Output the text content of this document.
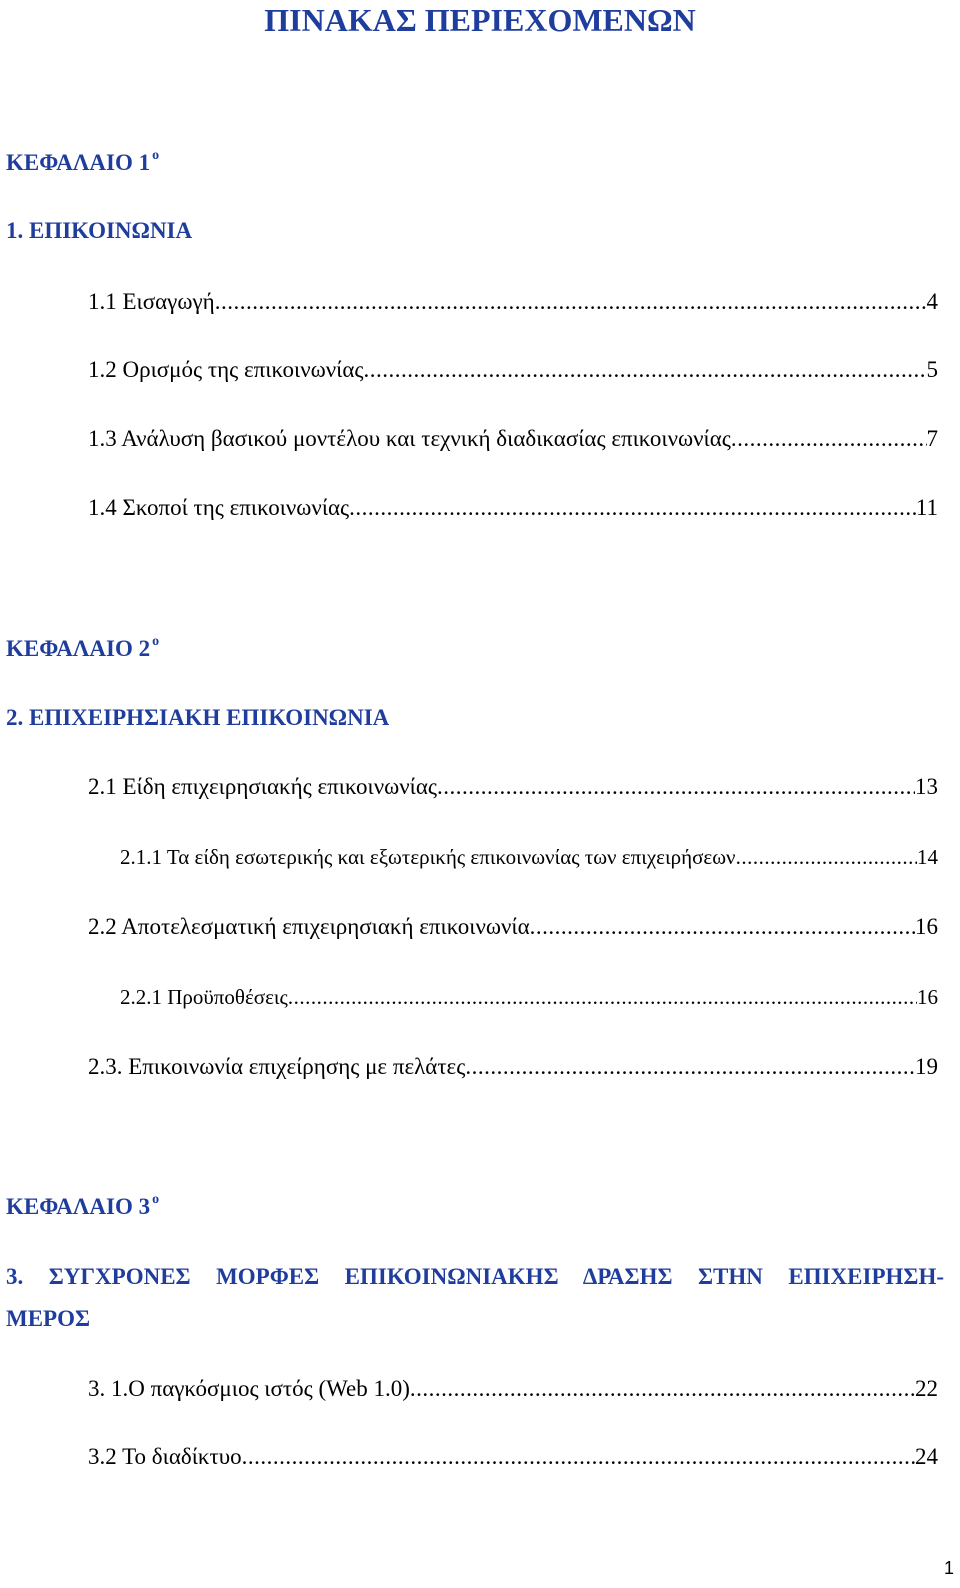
ΠΙΝΑΚΑΣ ΠΕΡΙΕΧΟΜΕΝΩΝ
ΚΕΦΑΛΑΙΟ 1 $^o$
1. ΕΠΙΚΟΙΝΩΝΙΑ
1.1 Εισαγωγή .....	4
1.2 Ορισμός της επικοινωνίας .....	5
1.3 Ανάλυση βασικού μοντέλου και τεχνική διαδικασίας επικοινωνίας .....	7
1.4 Σκοποί της επικοινωνίας .....	11
ΚΕΦΑΛΑΙΟ 2 $^o$
2. ΕΠΙΧΕΙΡΗΣΙΑΚΗ ΕΠΙΚΟΙΝΩΝΙΑ
2.1 Είδη επιχειρησιακής επικοινωνίας .....	13
2.1.1 Τα είδη εσωτερικής και εξωτερικής επικοινωνίας των επιχειρήσεων .....	14
2.2 Αποτελεσματική επιχειρησιακή επικοινωνία .....	16
2.2.1 Προϋποθέσεις .....	16
2.3. Επικοινωνία επιχείρησης με πελάτες .....	19
ΚΕΦΑΛΑΙΟ 3 $^o$
3. ΣΥΓΧΡΟΝΕΣ ΜΟΡΦΕΣ ΕΠΙΚΟΙΝΩΝΙΑΚΗΣ ΔΡΑΣΗΣ ΣΤΗΝ ΕΠΙΧΕΙΡΗΣΗ-
ΜΕΡΟΣ
3. 1.Ο παγκόσμιος ιστός (Web 1.0) .....	22
3.2 Το διαδίκτυο .....	24
1
